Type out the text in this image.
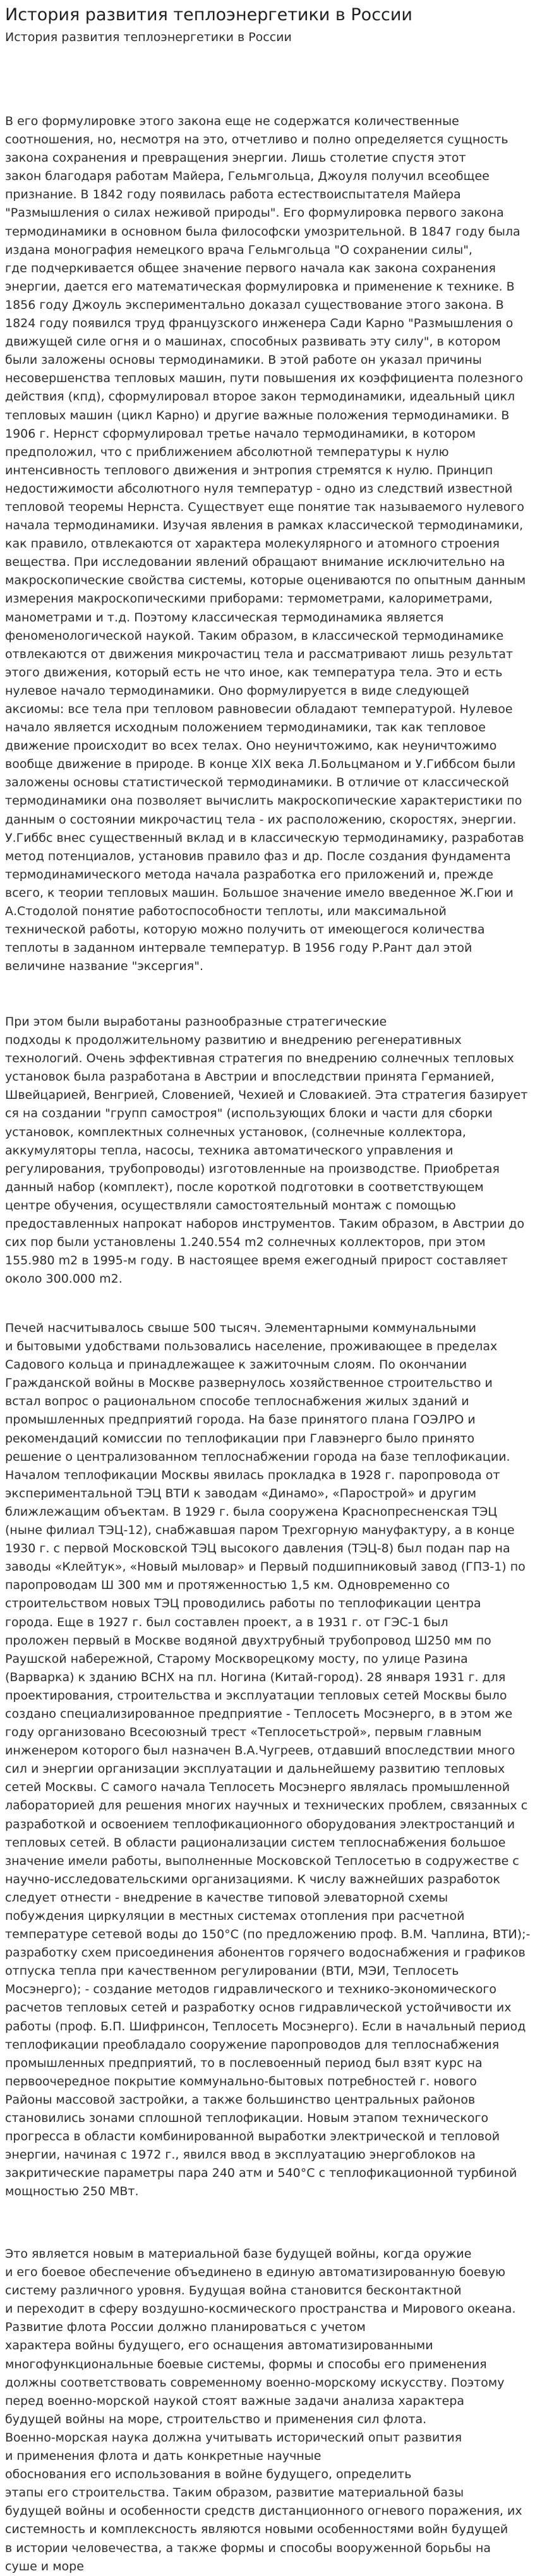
История развития теплоэнергетики в России
История развития теплоэнергетики в России

В его формулировке этого закона еще не содержатся количественные
соотношения, но, несмотря на это, отчетливо и полно определяется сущность
закона сохранения и превращения энергии. Лишь столетие спустя этот
закон благодаря работам Майера, Гельмгольца, Джоуля получил всеобщее
признание. В 1842 году появилась работа естествоиспытателя Майера
"Размышления о силах неживой природы". Его формулировка первого закона
термодинамики в основном была философски умозрительной. В 1847 году была
издана монография немецкого врача Гельмгольца "О сохранении силы",
где подчеркивается общее значение первого начала как закона сохранения
энергии, дается его математическая формулировка и применение к технике. В
1856 году Джоуль экспериментально доказал существование этого закона. В
1824 году появился труд французского инженера Сади Карно "Размышления о
движущей силе огня и о машинах, способных развивать эту силу", в котором
были заложены основы термодинамики. В этой работе он указал причины
несовершенства тепловых машин, пути повышения их коэффициента полезного
действия (кпд), сформулировал второе закон термодинамики, идеальный цикл
тепловых машин (цикл Карно) и другие важные положения термодинамики. В
1906 г. Нернст сформулировал третье начало термодинамики, в котором
предположил, что с приближением абсолютной температуры к нулю
интенсивность теплового движения и энтропия стремятся к нулю. Принцип
недостижимости абсолютного нуля температур - одно из следствий известной
тепловой теоремы Нернста. Существует еще понятие так называемого нулевого
начала термодинамики. Изучая явления в рамках классической термодинамики,
как правило, отвлекаются от характера молекулярного и атомного строения
вещества. При исследовании явлений обращают внимание исключительно на
макроскопические свойства системы, которые оцениваются по опытным данным
измерения макроскопическими приборами: термометрами, калориметрами,
манометрами и т.д. Поэтому классическая термодинамика является
феноменологической наукой. Таким образом, в классической термодинамике
отвлекаются от движения микрочастиц тела и рассматривают лишь результат
этого движения, который есть не что иное, как температура тела. Это и есть
нулевое начало термодинамики. Оно формулируется в виде следующей
аксиомы: все тела при тепловом равновесии обладают температурой. Нулевое
начало является исходным положением термодинамики, так как тепловое
движение происходит во всех телах. Оно неуничтожимо, как неуничтожимо
вообще движение в природе. В конце XIX века Л.Больцманом и У.Гиббсом были
заложены основы статистической термодинамики. В отличие от классической
термодинамики она позволяет вычислить макроскопические характеристики по
данным о состоянии микрочастиц тела - их расположению, скоростях, энергии.
У.Гиббс внес существенный вклад и в классическую термодинамику, разработав
метод потенциалов, установив правило фаз и др. После создания фундамента
термодинамического метода начала разработка его приложений и, прежде
всего, к теории тепловых машин. Большое значение имело введенное Ж.Гюи и
А.Стодолой понятие работоспособности теплоты, или максимальной
технической работы, которую можно получить от имеющегося количества
теплоты в заданном интервале температур. В 1956 году Р.Рант дал этой
величине название "эксергия".

При этом были выработаны разнообразные стратегические
подходы к продолжительному развитию и внедрению регенеративных
технологий. Очень эффективная стратегия по внедрению солнечных тепловых
установок была разработана в Австрии и впоследствии принята Германией,
Швейцарией, Венгрией, Словенией, Чехией и Словакией. Эта стратегия базирует
ся на создании "групп самостроя" (использующих блоки и части для сборки
установок, комплектных солнечных установок, (солнечные коллектора,
аккумуляторы тепла, насосы, техника автоматического управления и
регулирования, трубопроводы) изготовленные на производстве. Приобретая
данный набор (комплект), после короткой подготовки в соответствующем
центре обучения, осуществляли самостоятельный монтаж с помощью
предоставленных напрокат наборов инструментов. Таким образом, в Австрии до
сих пор были установлены 1.240.554 m2 солнечных коллекторов, при этом
155.980 m2 в 1995-м году. В настоящее время ежегодный прирост составляет
около 300.000 m2.

Печей насчитывалось свыше 500 тысяч. Элементарными коммунальными
и бытовыми удобствами пользовались население, проживающее в пределах
Садового кольца и принадлежащее к зажиточным слоям. По окончании
Гражданской войны в Москве развернулось хозяйственное строительство и
встал вопрос о рациональном способе теплоснабжения жилых зданий и
промышленных предприятий города. На базе принятого плана ГОЭЛРО и
рекомендаций комиссии по теплофикации при Главэнерго было принято
решение о централизованном теплоснабжении города на базе теплофикации.
Началом теплофикации Москвы явилась прокладка в 1928 г. паропровода от
экспериментальной ТЭЦ ВТИ к заводам «Динамо», «Парострой» и другим
ближлежащим объектам. В 1929 г. была сооружена Краснопресненская ТЭЦ
(ныне филиал ТЭЦ-12), снабжавшая паром Трехгорную мануфактуру, а в конце
1930 г. с первой Московской ТЭЦ высокого давления (ТЭЦ-8) был подан пар на
заводы «Клейтук», «Новый мыловар» и Первый подшипниковый завод (ГПЗ-1) по
паропроводам Ш 300 мм и протяженностью 1,5 км. Одновременно со
строительством новых ТЭЦ проводились работы по теплофикации центра
города. Еще в 1927 г. был составлен проект, а в 1931 г. от ГЭС-1 был
проложен первый в Москве водяной двухтрубный трубопровод Ш250 мм по
Раушской набережной, Старому Москворецкому мосту, по улице Разина
(Варварка) к зданию ВСНХ на пл. Ногина (Китай-город). 28 января 1931 г. для
проектирования, строительства и эксплуатации тепловых сетей Москвы было
создано специализированное предприятие - Теплосеть Мосэнерго, в в этом же
году организовано Всесоюзный трест «Теплосетьстрой», первым главным
инженером которого был назначен В.А.Чугреев, отдавший впоследствии много
сил и энергии организации эксплуатации и дальнейшему развитию тепловых
сетей Москвы. С самого начала Теплосеть Мосэнерго являлась промышленной
лабораторией для решения многих научных и технических проблем, связанных с
разработкой и освоением теплофикационного оборудования электростанций и
тепловых сетей. В области рационализации систем теплоснабжения большое
значение имели работы, выполненные Московской Теплосетью в содружестве с
научно-исследовательскими организациями. К числу важнейших разработок
следует отнести - внедрение в качестве типовой элеваторной схемы
побуждения циркуляции в местных системах отопления при расчетной
температуре сетевой воды до 150°С (по предложению проф. В.М. Чаплина, ВТИ);-
разработку схем присоединения абонентов горячего водоснабжения и графиков
отпуска тепла при качественном регулировании (ВТИ, МЭИ, Теплосеть
Мосэнерго); - создание методов гидравлического и технико-экономического
расчетов тепловых сетей и разработку основ гидравлической устойчивости их
работы (проф. Б.П. Шифринсон, Теплосеть Мосэнерго). Если в начальный период
теплофикации преобладало сооружение паропроводов для теплоснабжения
промышленных предприятий, то в послевоенный период был взят курс на
первоочередное покрытие коммунально-бытовых потребностей г. нового
Районы массовой застройки, а также большинство центральных районов
становились зонами сплошной теплофикации. Новым этапом технического
прогресса в области комбинированной выработки электрической и тепловой
энергии, начиная с 1972 г., явился ввод в эксплуатацию энергоблоков на
закритические параметры пара 240 атм и 540°С с теплофикационной турбиной
мощностью 250 МВт.

Это является новым в материальной базе будущей войны, когда оружие
и его боевое обеспечение объединено в единую автоматизированную боевую
систему различного уровня. Будущая война становится бесконтактной
и переходит в сферу воздушно-космического пространства и Мирового океана.
Развитие флота России должно планироваться с учетом
характера войны будущего, его оснащения автоматизированными
многофункциональные боевые системы, формы и способы его применения
должны соответствовать современному военно-морскому искусству. Поэтому
перед военно-морской наукой стоят важные задачи анализа характера
будущей войны на море, строительство и применения сил флота.
Военно-морская наука должна учитывать исторический опыт развития
и применения флота и дать конкретные научные
обоснования его использования в войне будущего, определить
этапы его строительства. Таким образом, развитие материальной базы
будущей войны и особенности средств дистанционного огневого поражения, их
системность и комплексность являются новыми особенностями войн будущей
в истории человечества, а также формы и способы вооруженной борьбы на
суше и море
